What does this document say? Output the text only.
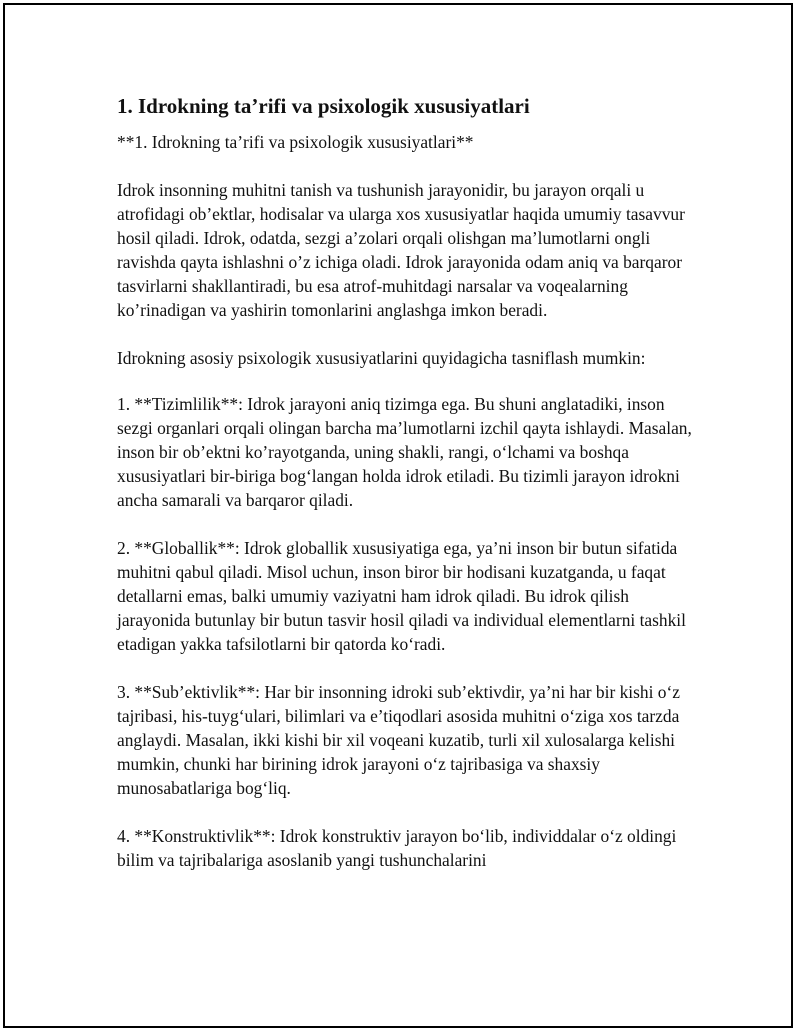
1. Idrokning ta’rifi va psixologik xususiyatlari

**1. Idrokning ta’rifi va psixologik xususiyatlari**

Idrok insonning muhitni tanish va tushunish jarayonidir, bu jarayon orqali u atrofidagi ob’ektlar, hodisalar va ularga xos xususiyatlar haqida umumiy tasavvur hosil qiladi. Idrok, odatda, sezgi a’zolari orqali olishgan ma’lumotlarni ongli ravishda qayta ishlashni o’z ichiga oladi. Idrok jarayonida odam aniq va barqaror tasvirlarni shakllantiradi, bu esa atrof-muhitdagi narsalar va voqealarning ko’rinadigan va yashirin tomonlarini anglashga imkon beradi.

Idrokning asosiy psixologik xususiyatlarini quyidagicha tasniflash mumkin:

1. **Tizimlilik**: Idrok jarayoni aniq tizimga ega. Bu shuni anglatadiki, inson sezgi organlari orqali olingan barcha ma’lumotlarni izchil qayta ishlaydi. Masalan, inson bir ob’ektni ko’rayotganda, uning shakli, rangi, o‘lchami va boshqa xususiyatlari bir-biriga bog‘langan holda idrok etiladi. Bu tizimli jarayon idrokni ancha samarali va barqaror qiladi.

2. **Globallik**: Idrok globallik xususiyatiga ega, ya’ni inson bir butun sifatida muhitni qabul qiladi. Misol uchun, inson biror bir hodisani kuzatganda, u faqat detallarni emas, balki umumiy vaziyatni ham idrok qiladi. Bu idrok qilish jarayonida butunlay bir butun tasvir hosil qiladi va individual elementlarni tashkil etadigan yakka tafsilotlarni bir qatorda ko‘radi.

3. **Sub’ektivlik**: Har bir insonning idroki sub’ektivdir, ya’ni har bir kishi o‘z tajribasi, his-tuyg‘ulari, bilimlari va e’tiqodlari asosida muhitni o‘ziga xos tarzda anglaydi. Masalan, ikki kishi bir xil voqeani kuzatib, turli xil xulosalarga kelishi mumkin, chunki har birining idrok jarayoni o‘z tajribasiga va shaxsiy munosabatlariga bog‘liq.

4. **Konstruktivlik**: Idrok konstruktiv jarayon bo‘lib, individdalar o‘z oldingi bilim va tajribalariga asoslanib yangi tushunchalarini
